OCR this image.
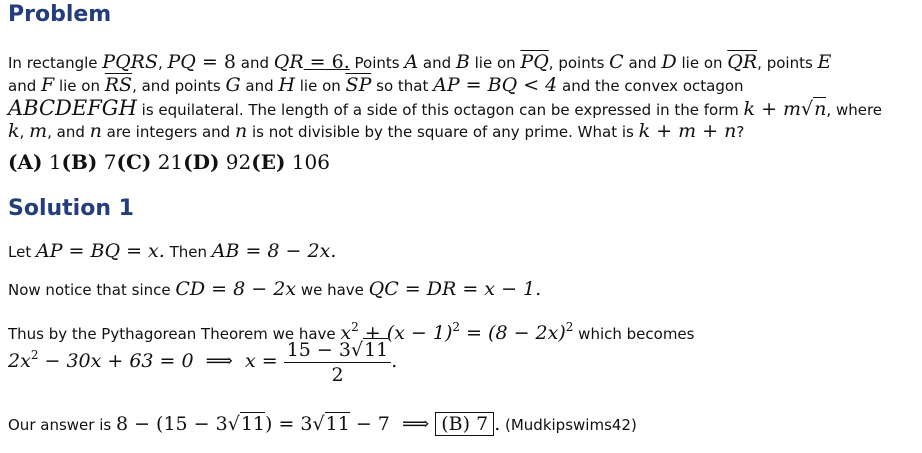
Problem
In rectangle PQRS, PQ = 8 and QR = 6. Points A and B lie on $\overline{PQ}$, points C and D lie on $\overline{QR}$, points E
and F lie on $\overline{RS}$, and points G and H lie on $\overline{SP}$ so that AP = BQ < 4 and the convex octagon
ABCDEFGH is equilateral. The length of a side of this octagon can be expressed in the form k + m√n, where
k, m, and n are integers and n is not divisible by the square of any prime. What is k + m + n?
(A) 1(B) 7(C) 21(D) 92(E) 106
Solution 1
Let AP = BQ = x. Then AB = 8 − 2x.
Now notice that since CD = 8 − 2x we have QC = DR = x − 1.
Thus by the Pythagorean Theorem we have $x^2 + (x - 1)^2 = (8 - 2x)^2$ which becomes
$2x^2 - 30x + 63 = 0$  ⟹  $x = \frac{15 - 3√11}{2}$ .
Our answer is 8 − (15 − 3√11) = 3√11 − 7  ⟹ (B) 7 . (Mudkipswims42)
